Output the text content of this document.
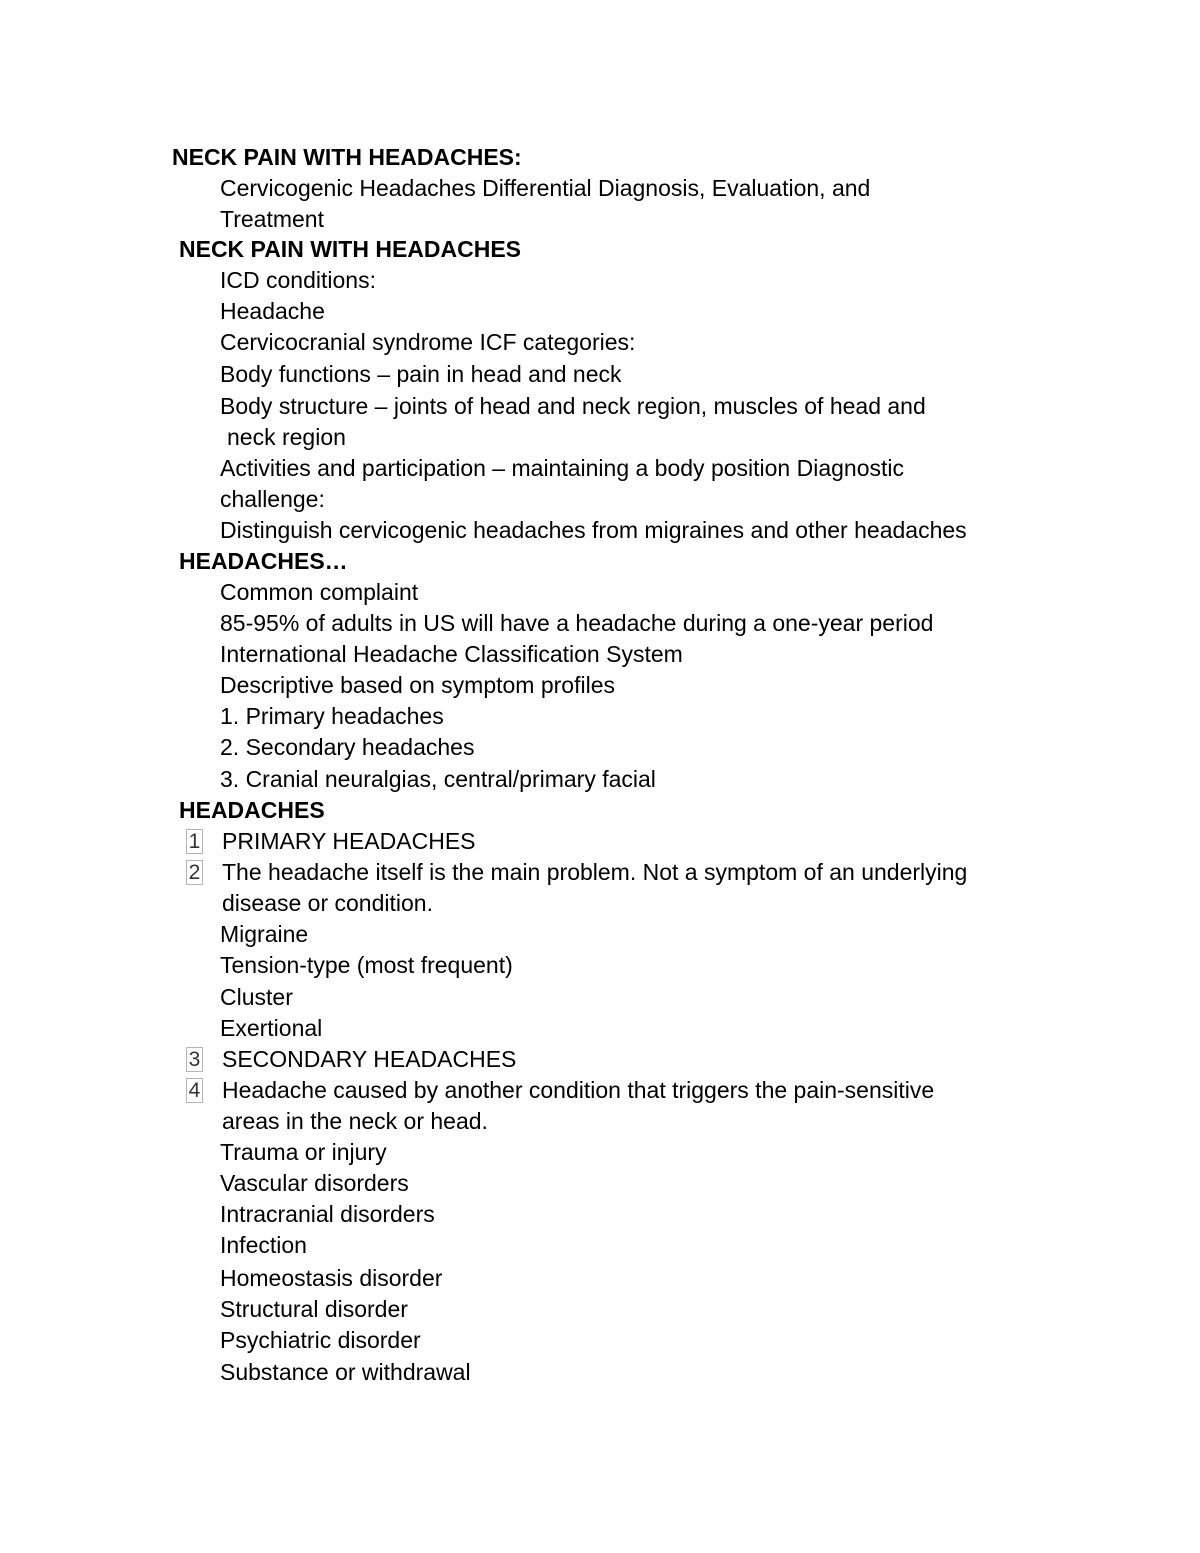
NECK PAIN WITH HEADACHES:
Cervicogenic Headaches Differential Diagnosis, Evaluation, and
Treatment
NECK PAIN WITH HEADACHES
ICD conditions:
Headache
Cervicocranial syndrome ICF categories:
Body functions – pain in head and neck
Body structure – joints of head and neck region, muscles of head and
neck region
Activities and participation – maintaining a body position Diagnostic
challenge:
Distinguish cervicogenic headaches from migraines and other headaches
HEADACHES…
Common complaint
85-95% of adults in US will have a headache during a one-year period
International Headache Classification System
Descriptive based on symptom profiles
1. Primary headaches
2. Secondary headaches
3. Cranial neuralgias, central/primary facial
HEADACHES
1 PRIMARY HEADACHES
2 The headache itself is the main problem. Not a symptom of an underlying
disease or condition.
Migraine
Tension-type (most frequent)
Cluster
Exertional
3 SECONDARY HEADACHES
4 Headache caused by another condition that triggers the pain-sensitive
areas in the neck or head.
Trauma or injury
Vascular disorders
Intracranial disorders
Infection
Homeostasis disorder
Structural disorder
Psychiatric disorder
Substance or withdrawal
